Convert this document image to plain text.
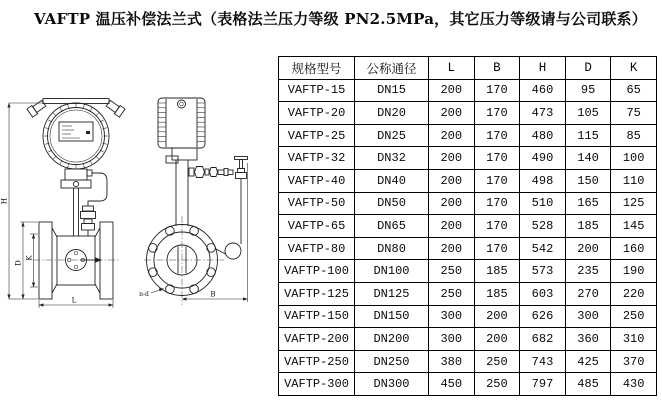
VAFTP 温压补偿法兰式（表格法兰压力等级 PN2.5MPa，其它压力等级请与公司联系）
H
D
K
L
n-d	B
规格型号	公称通径	L	B	H	D	K
VAFTP-15	DN15	200	170	460	95	65
VAFTP-20	DN20	200	170	473	105	75
VAFTP-25	DN25	200	170	480	115	85
VAFTP-32	DN32	200	170	490	140	100
VAFTP-40	DN40	200	170	498	150	110
VAFTP-50	DN50	200	170	510	165	125
VAFTP-65	DN65	200	170	528	185	145
VAFTP-80	DN80	200	170	542	200	160
VAFTP-100	DN100	250	185	573	235	190
VAFTP-125	DN125	250	185	603	270	220
VAFTP-150	DN150	300	200	626	300	250
VAFTP-200	DN200	300	200	682	360	310
VAFTP-250	DN250	380	250	743	425	370
VAFTP-300	DN300	450	250	797	485	430
